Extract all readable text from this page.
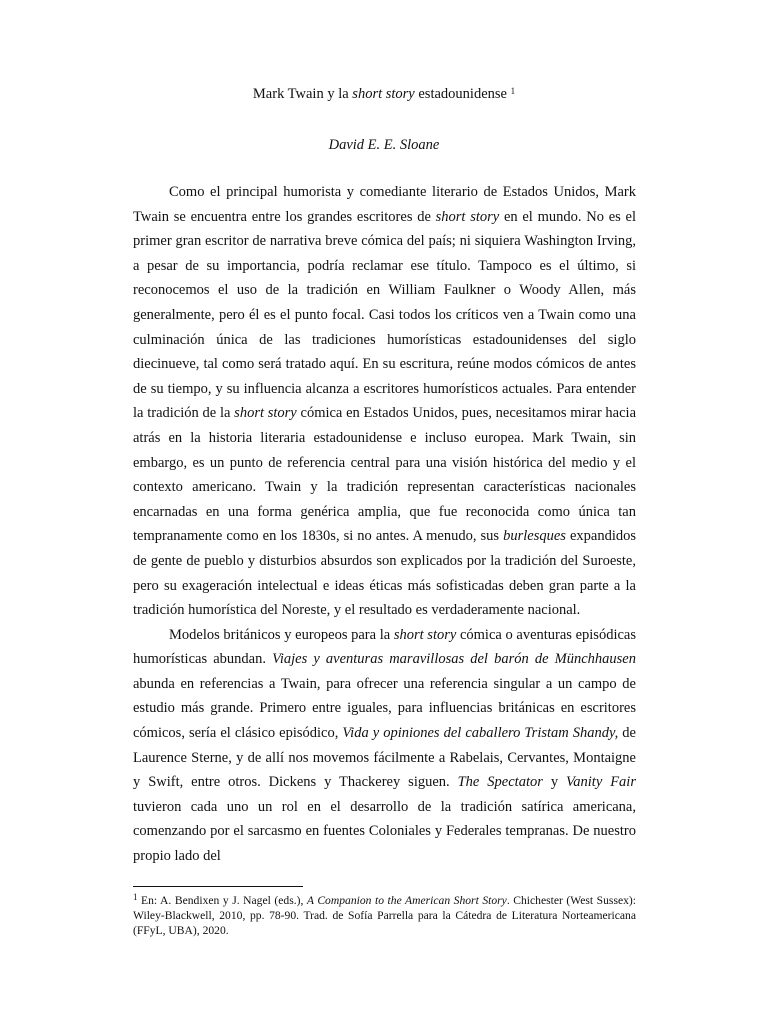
Mark Twain y la short story estadounidense $^1$
David E. E. Sloane

Como el principal humorista y comediante literario de Estados Unidos, Mark Twain se encuentra entre los grandes escritores de short story en el mundo. No es el primer gran escritor de narrativa breve cómica del país; ni siquiera Washington Irving, a pesar de su importancia, podría reclamar ese título. Tampoco es el último, si reconocemos el uso de la tradición en William Faulkner o Woody Allen, más generalmente, pero él es el punto focal. Casi todos los críticos ven a Twain como una culminación única de las tradiciones humorísticas estadounidenses del siglo diecinueve, tal como será tratado aquí. En su escritura, reúne modos cómicos de antes de su tiempo, y su influencia alcanza a escritores humorísticos actuales. Para entender la tradición de la short story cómica en Estados Unidos, pues, necesitamos mirar hacia atrás en la historia literaria estadounidense e incluso europea. Mark Twain, sin embargo, es un punto de referencia central para una visión histórica del medio y el contexto americano. Twain y la tradición representan características nacionales encarnadas en una forma genérica amplia, que fue reconocida como única tan tempranamente como en los 1830s, si no antes. A menudo, sus burlesques expandidos de gente de pueblo y disturbios absurdos son explicados por la tradición del Suroeste, pero su exageración intelectual e ideas éticas más sofisticadas deben gran parte a la tradición humorística del Noreste, y el resultado es verdaderamente nacional.

Modelos británicos y europeos para la short story cómica o aventuras episódicas humorísticas abundan. Viajes y aventuras maravillosas del barón de Münchhausen abunda en referencias a Twain, para ofrecer una referencia singular a un campo de estudio más grande. Primero entre iguales, para influencias británicas en escritores cómicos, sería el clásico episódico, Vida y opiniones del caballero Tristam Shandy, de Laurence Sterne, y de allí nos movemos fácilmente a Rabelais, Cervantes, Montaigne y Swift, entre otros. Dickens y Thackerey siguen. The Spectator y Vanity Fair tuvieron cada uno un rol en el desarrollo de la tradición satírica americana, comenzando por el sarcasmo en fuentes Coloniales y Federales tempranas. De nuestro propio lado del

$^1$ En: A. Bendixen y J. Nagel (eds.), A Companion to the American Short Story. Chichester (West Sussex): Wiley-Blackwell, 2010, pp. 78-90. Trad. de Sofía Parrella para la Cátedra de Literatura Norteamericana (FFyL, UBA), 2020.
